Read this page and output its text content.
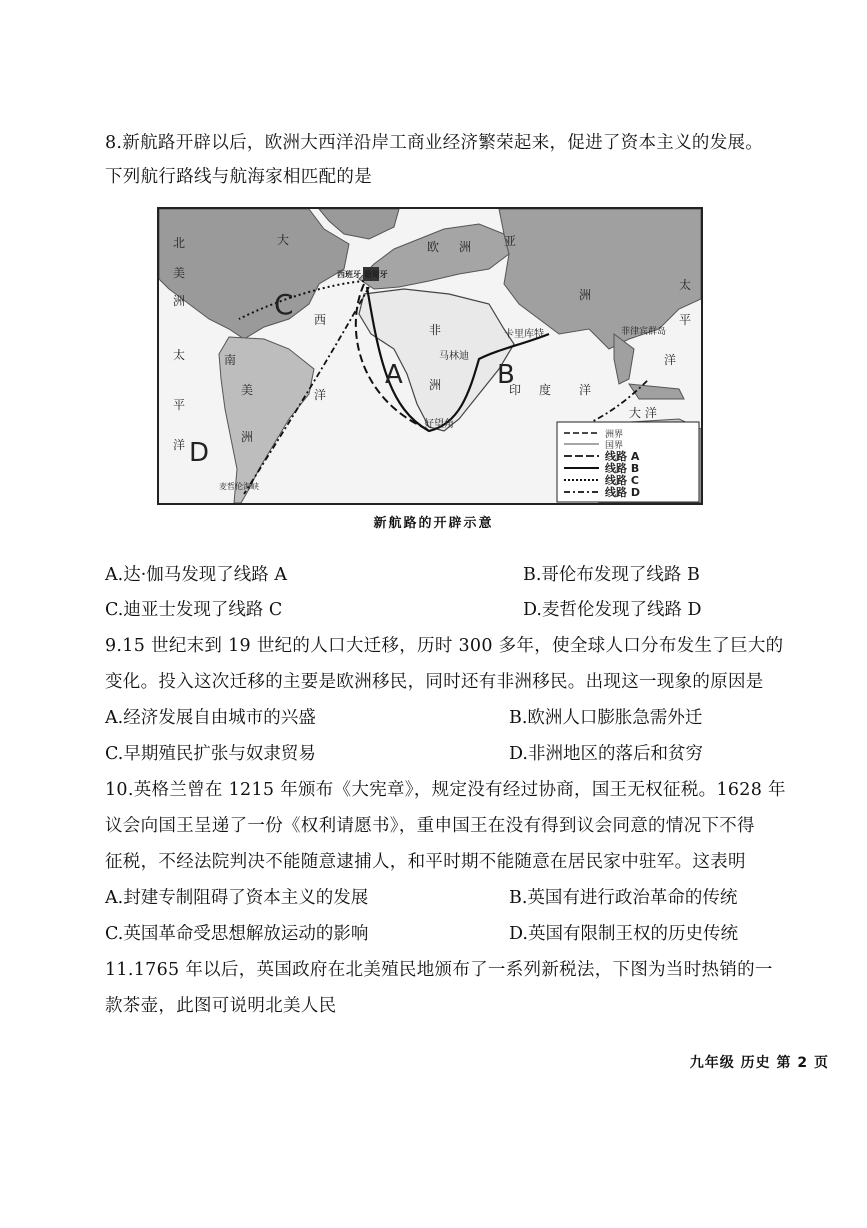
8.新航路开辟以后，欧洲大西洋沿岸工商业经济繁荣起来，促进了资本主义的发展。
下列航行路线与航海家相匹配的是
北
美
洲
大	欧 洲	亚
洲
太
平
洋
太
平
洋
西
非
洲
南
美
洲
洋	印 度 洋
大 洋
西班牙 葡萄牙
卡里库特
马林迪
好望角
菲律宾群岛
麦哲伦海峡
C
A	B
D
洲界
国界
线路 A
线路 B
线路 C
线路 D
新航路的开辟示意
A.达·伽马发现了线路 A	B.哥伦布发现了线路 B
C.迪亚士发现了线路 C	D.麦哲伦发现了线路 D
9.15 世纪末到 19 世纪的人口大迁移，历时 300 多年，使全球人口分布发生了巨大的
变化。投入这次迁移的主要是欧洲移民，同时还有非洲移民。出现这一现象的原因是
A.经济发展自由城市的兴盛	B.欧洲人口膨胀急需外迁
C.早期殖民扩张与奴隶贸易	D.非洲地区的落后和贫穷
10.英格兰曾在 1215 年颁布《大宪章》，规定没有经过协商，国王无权征税。1628 年
议会向国王呈递了一份《权利请愿书》，重申国王在没有得到议会同意的情况下不得
征税，不经法院判决不能随意逮捕人，和平时期不能随意在居民家中驻军。这表明
A.封建专制阻碍了资本主义的发展	B.英国有进行政治革命的传统
C.英国革命受思想解放运动的影响	D.英国有限制王权的历史传统
11.1765 年以后，英国政府在北美殖民地颁布了一系列新税法，下图为当时热销的一
款茶壶，此图可说明北美人民
九年级 历史 第 2 页
